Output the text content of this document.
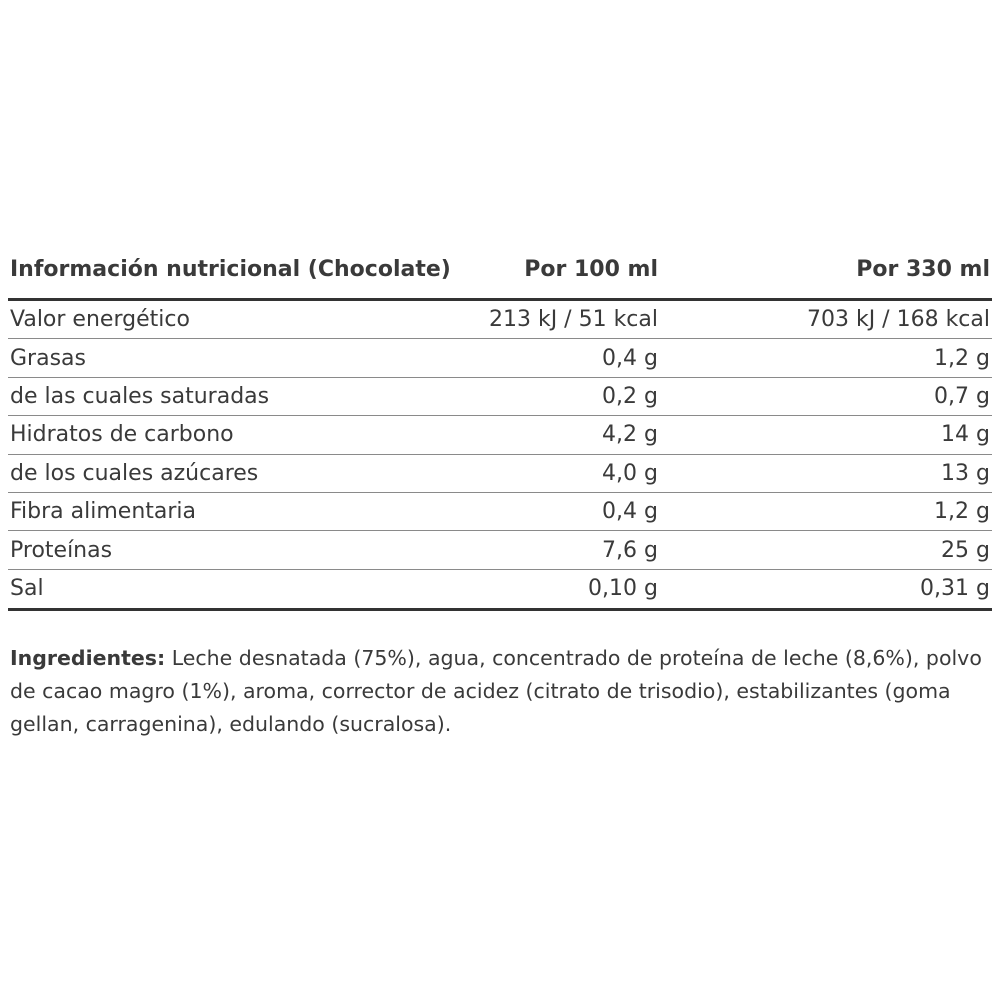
Información nutricional (Chocolate)	Por 100 ml	Por 330 ml
Valor energético	213 kJ / 51 kcal	703 kJ / 168 kcal
Grasas	0,4 g	1,2 g
de las cuales saturadas	0,2 g	0,7 g
Hidratos de carbono	4,2 g	14 g
de los cuales azúcares	4,0 g	13 g
Fibra alimentaria	0,4 g	1,2 g
Proteínas	7,6 g	25 g
Sal	0,10 g	0,31 g
Ingredientes: Leche desnatada (75%), agua, concentrado de proteína de leche (8,6%), polvo de cacao magro (1%), aroma, corrector de acidez (citrato de trisodio), estabilizantes (goma gellan, carragenina), edulando (sucralosa).
